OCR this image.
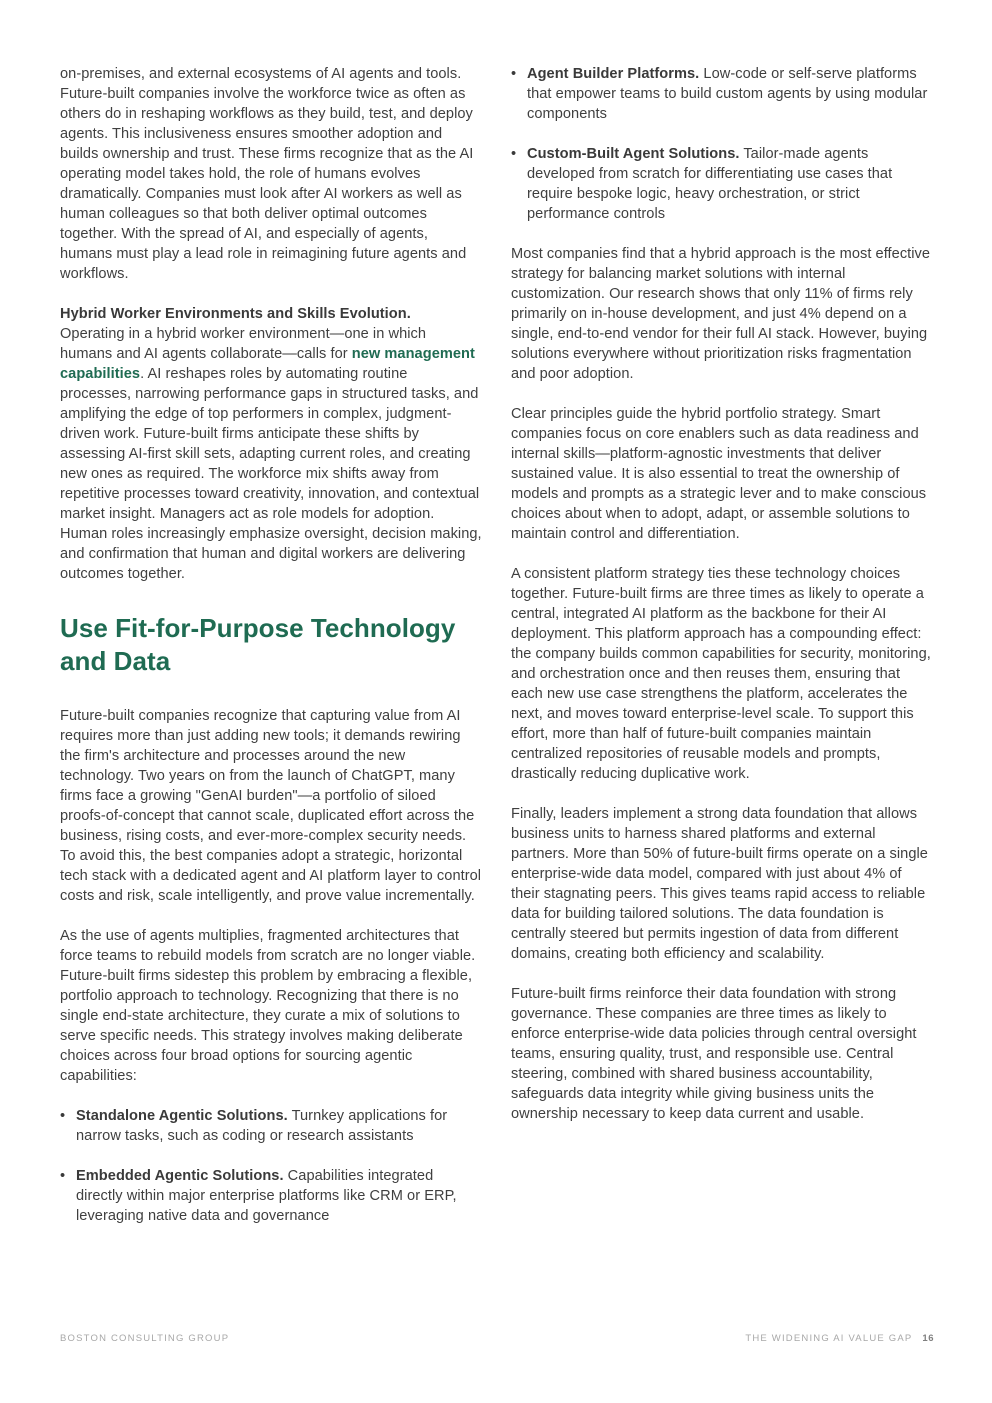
on-premises, and external ecosystems of AI agents and tools. Future-built companies involve the workforce twice as often as others do in reshaping workflows as they build, test, and deploy agents. This inclusiveness ensures smoother adoption and builds ownership and trust. These firms recognize that as the AI operating model takes hold, the role of humans evolves dramatically. Companies must look after AI workers as well as human colleagues so that both deliver optimal outcomes together. With the spread of AI, and especially of agents, humans must play a lead role in reimagining future agents and workflows.

Hybrid Worker Environments and Skills Evolution.
Operating in a hybrid worker environment—one in which humans and AI agents collaborate—calls for new management capabilities. AI reshapes roles by automating routine processes, narrowing performance gaps in structured tasks, and amplifying the edge of top performers in complex, judgment-driven work. Future-built firms anticipate these shifts by assessing AI-first skill sets, adapting current roles, and creating new ones as required. The workforce mix shifts away from repetitive processes toward creativity, innovation, and contextual market insight. Managers act as role models for adoption. Human roles increasingly emphasize oversight, decision making, and confirmation that human and digital workers are delivering outcomes together.

Use Fit-for-Purpose Technology and Data

Future-built companies recognize that capturing value from AI requires more than just adding new tools; it demands rewiring the firm's architecture and processes around the new technology. Two years on from the launch of ChatGPT, many firms face a growing "GenAI burden"—a portfolio of siloed proofs-of-concept that cannot scale, duplicated effort across the business, rising costs, and ever-more-complex security needs. To avoid this, the best companies adopt a strategic, horizontal tech stack with a dedicated agent and AI platform layer to control costs and risk, scale intelligently, and prove value incrementally.

As the use of agents multiplies, fragmented architectures that force teams to rebuild models from scratch are no longer viable. Future-built firms sidestep this problem by embracing a flexible, portfolio approach to technology. Recognizing that there is no single end-state architecture, they curate a mix of solutions to serve specific needs. This strategy involves making deliberate choices across four broad options for sourcing agentic capabilities:

• Standalone Agentic Solutions. Turnkey applications for narrow tasks, such as coding or research assistants
• Embedded Agentic Solutions. Capabilities integrated directly within major enterprise platforms like CRM or ERP, leveraging native data and governance
• Agent Builder Platforms. Low-code or self-serve platforms that empower teams to build custom agents by using modular components
• Custom-Built Agent Solutions. Tailor-made agents developed from scratch for differentiating use cases that require bespoke logic, heavy orchestration, or strict performance controls

Most companies find that a hybrid approach is the most effective strategy for balancing market solutions with internal customization. Our research shows that only 11% of firms rely primarily on in-house development, and just 4% depend on a single, end-to-end vendor for their full AI stack. However, buying solutions everywhere without prioritization risks fragmentation and poor adoption.

Clear principles guide the hybrid portfolio strategy. Smart companies focus on core enablers such as data readiness and internal skills—platform-agnostic investments that deliver sustained value. It is also essential to treat the ownership of models and prompts as a strategic lever and to make conscious choices about when to adopt, adapt, or assemble solutions to maintain control and differentiation.

A consistent platform strategy ties these technology choices together. Future-built firms are three times as likely to operate a central, integrated AI platform as the backbone for their AI deployment. This platform approach has a compounding effect: the company builds common capabilities for security, monitoring, and orchestration once and then reuses them, ensuring that each new use case strengthens the platform, accelerates the next, and moves toward enterprise-level scale. To support this effort, more than half of future-built companies maintain centralized repositories of reusable models and prompts, drastically reducing duplicative work.

Finally, leaders implement a strong data foundation that allows business units to harness shared platforms and external partners. More than 50% of future-built firms operate on a single enterprise-wide data model, compared with just about 4% of their stagnating peers. This gives teams rapid access to reliable data for building tailored solutions. The data foundation is centrally steered but permits ingestion of data from different domains, creating both efficiency and scalability.

Future-built firms reinforce their data foundation with strong governance. These companies are three times as likely to enforce enterprise-wide data policies through central oversight teams, ensuring quality, trust, and responsible use. Central steering, combined with shared business accountability, safeguards data integrity while giving business units the ownership necessary to keep data current and usable.

BOSTON CONSULTING GROUP	THE WIDENING AI VALUE GAP 16
